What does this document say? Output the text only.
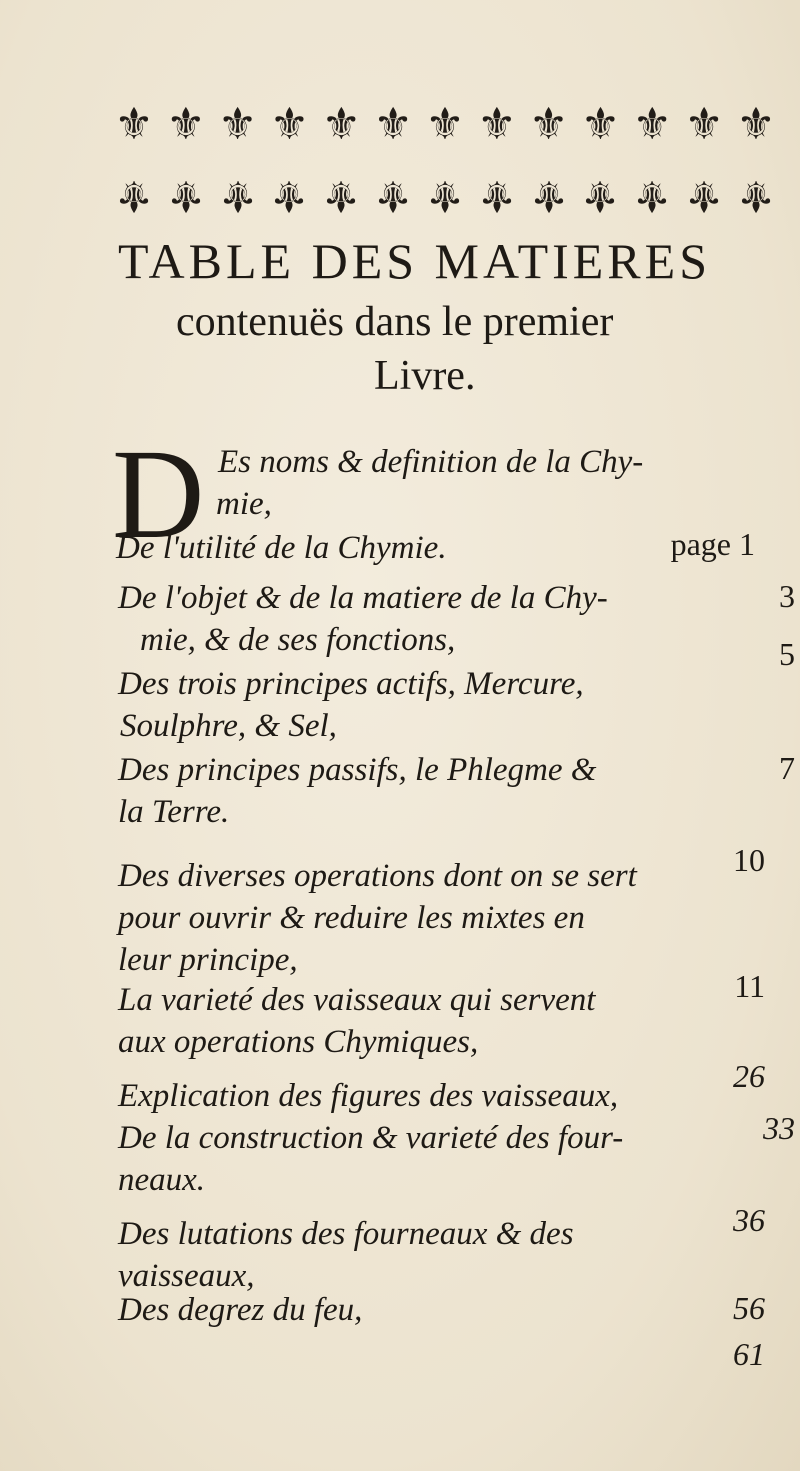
⚜ ⚜ ⚜ ⚜ ⚜ ⚜ ⚜ ⚜ ⚜ ⚜ ⚜ ⚜ ⚜
⚜ ⚜ ⚜ ⚜ ⚜ ⚜ ⚜ ⚜ ⚜ ⚜ ⚜ ⚜ ⚜
TABLE DES MATIERES
contenuës dans le premier
Livre.
D Es noms & definition de la Chy-
mie,
page 1
De l'utilité de la Chymie.
3
De l'objet & de la matiere de la Chy-
mie, & de ses fonctions,	5
Des trois principes actifs, Mercure,
Soulphre, & Sel,
7
Des principes passifs, le Phlegme &
la Terre.
10
Des diverses operations dont on se sert
pour ouvrir & reduire les mixtes en
leur principe,
11
La varieté des vaisseaux qui servent
aux operations Chymiques,
26
Explication des figures des vaisseaux,
33
De la construction & varieté des four-
neaux.
36
Des lutations des fourneaux & des
vaisseaux,
56
Des degrez du feu,
61
